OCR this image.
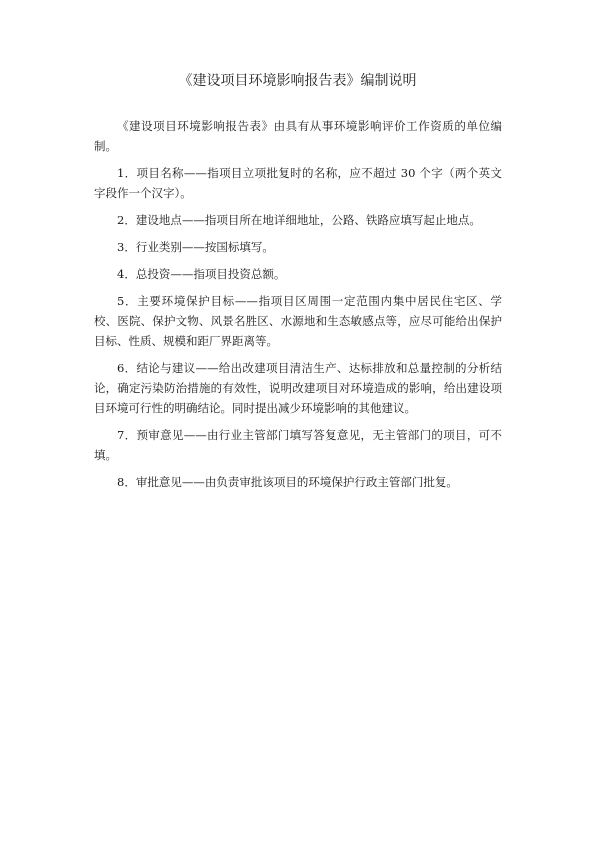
《建设项目环境影响报告表》编制说明

《建设项目环境影响报告表》由具有从事环境影响评价工作资质的单位编制。

1．项目名称——指项目立项批复时的名称，应不超过 30 个字（两个英文字段作一个汉字）。

2．建设地点——指项目所在地详细地址，公路、铁路应填写起止地点。

3．行业类别——按国标填写。

4．总投资——指项目投资总额。

5．主要环境保护目标——指项目区周围一定范围内集中居民住宅区、学校、医院、保护文物、风景名胜区、水源地和生态敏感点等，应尽可能给出保护目标、性质、规模和距厂界距离等。

6．结论与建议——给出改建项目清洁生产、达标排放和总量控制的分析结论，确定污染防治措施的有效性，说明改建项目对环境造成的影响，给出建设项目环境可行性的明确结论。同时提出减少环境影响的其他建议。

7．预审意见——由行业主管部门填写答复意见，无主管部门的项目，可不填。

8．审批意见——由负责审批该项目的环境保护行政主管部门批复。
